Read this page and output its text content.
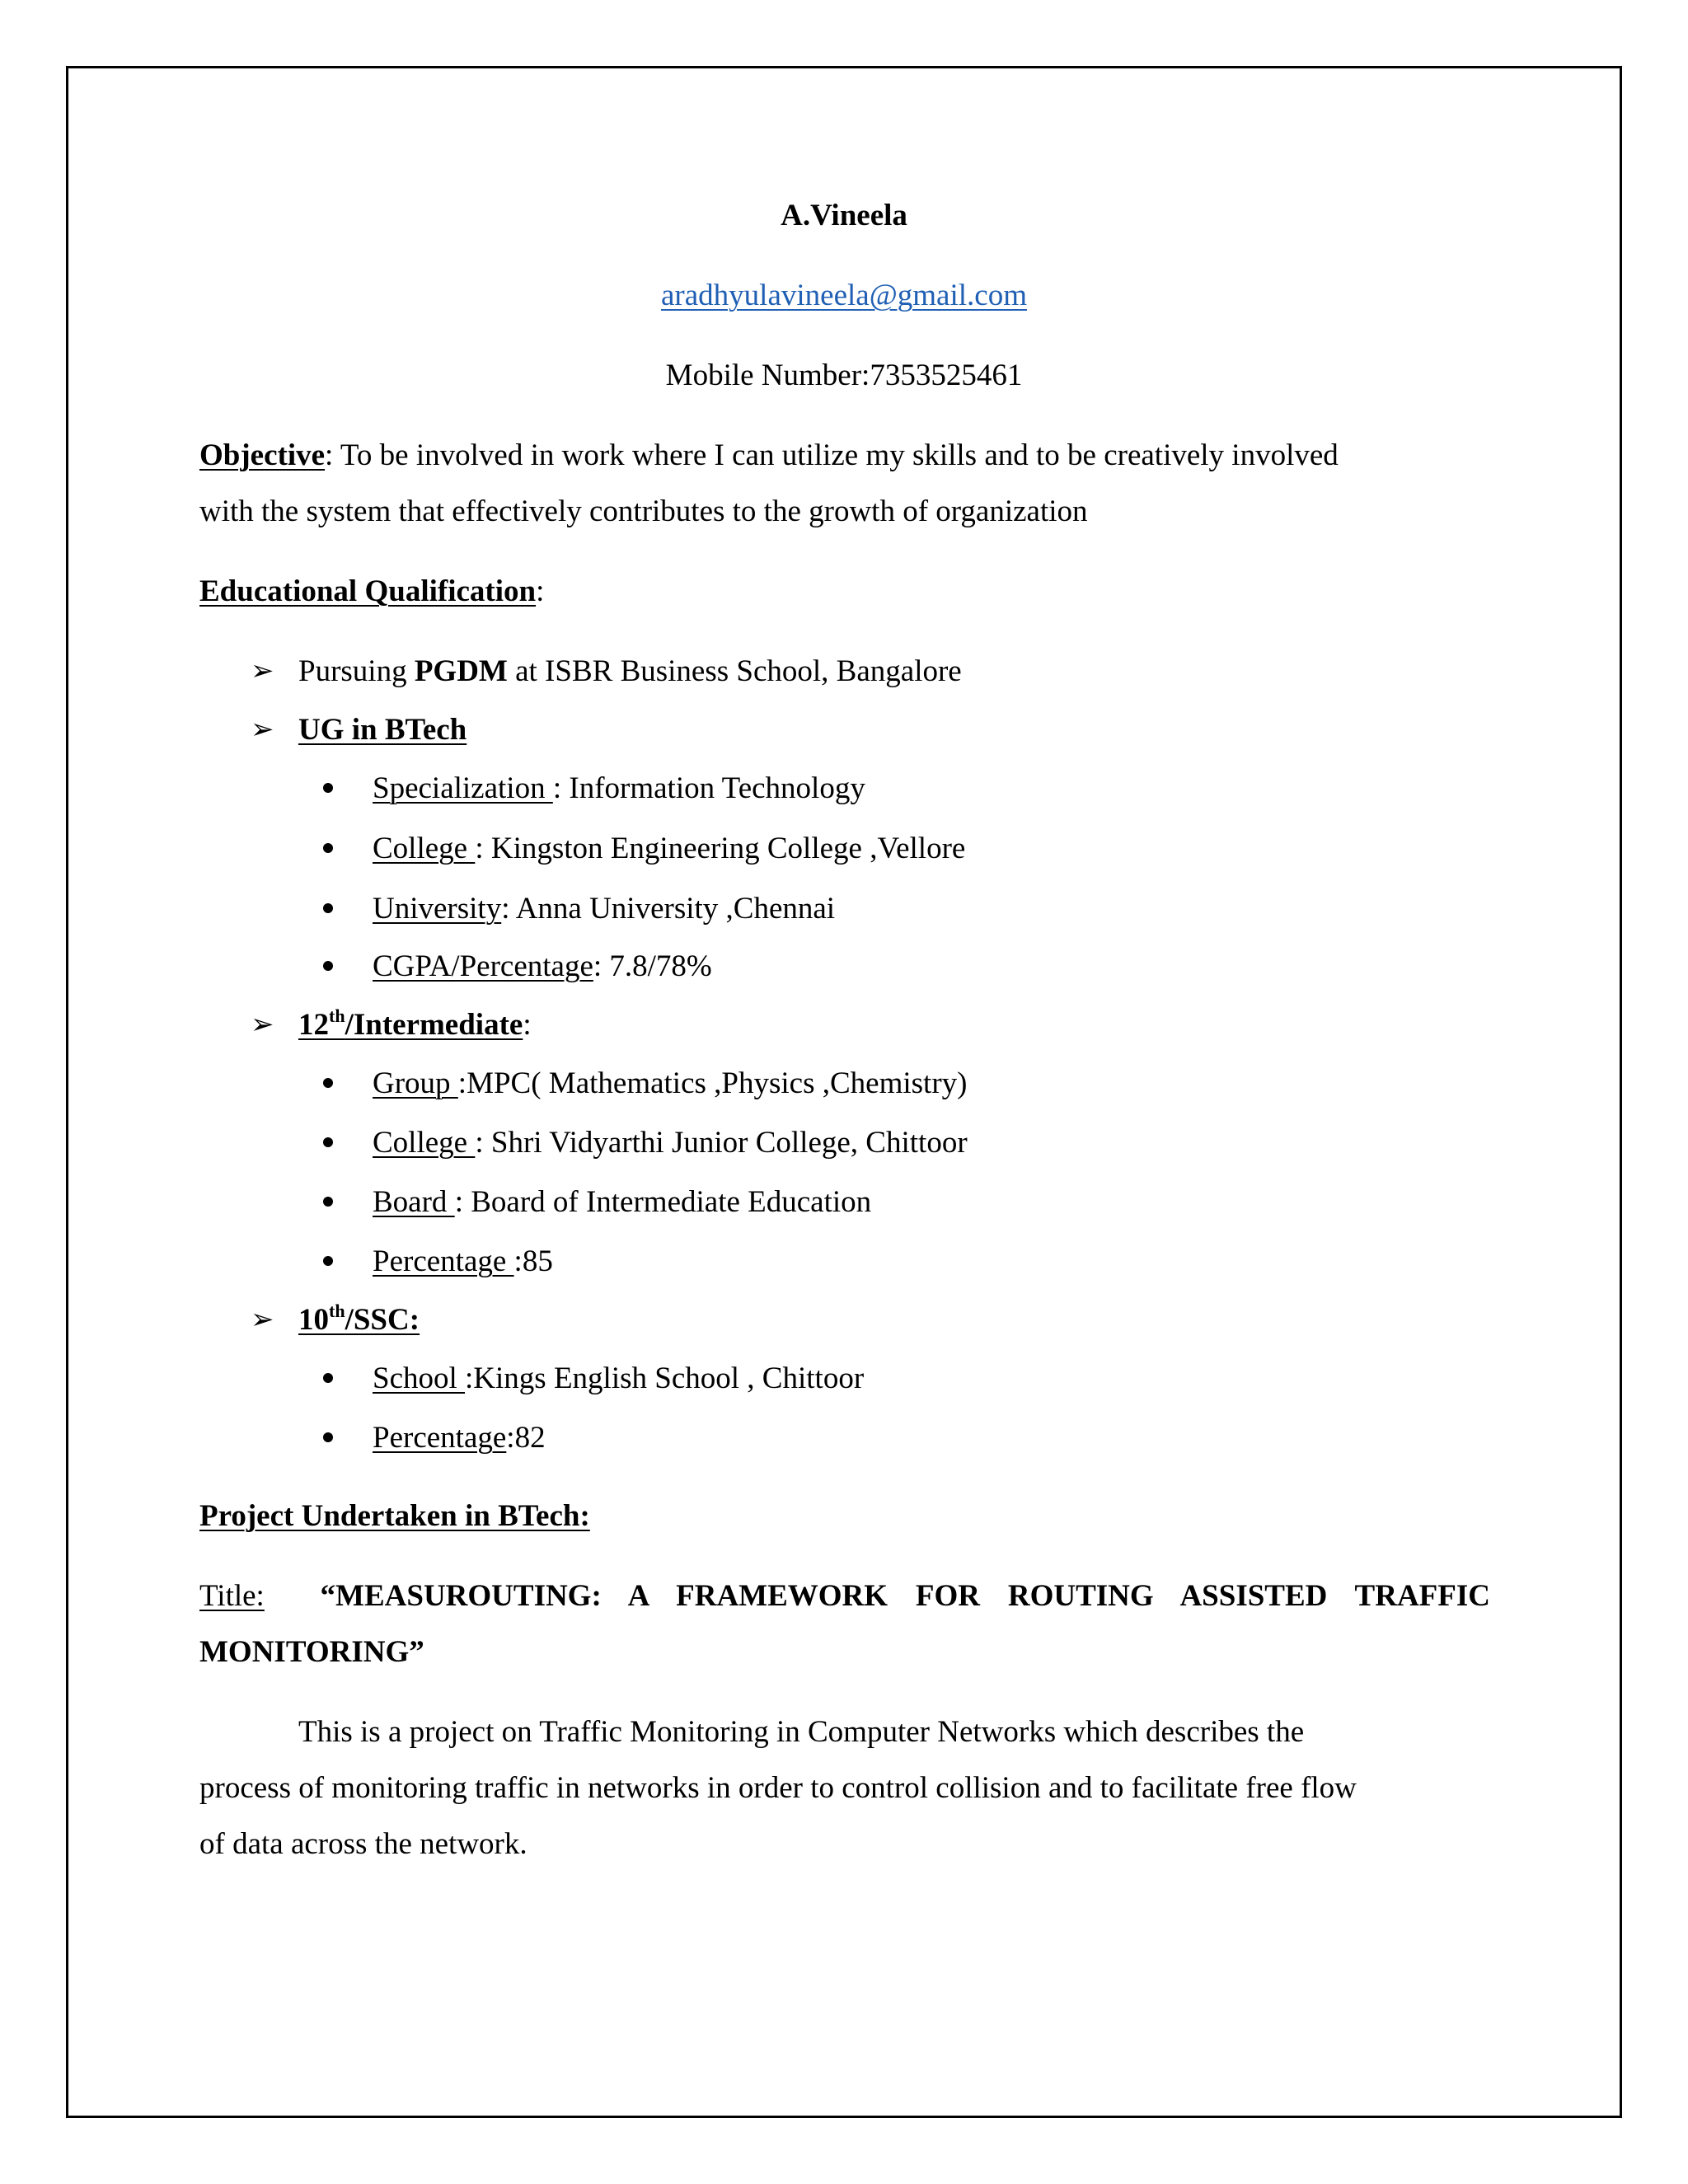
A.Vineela
aradhyulavineela@gmail.com
Mobile Number:7353525461
Objective: To be involved in work where I can utilize my skills and to be creatively involved
with the system that effectively contributes to the growth of organization
Educational Qualification:
➢ Pursuing PGDM at ISBR Business School, Bangalore
➢ UG in BTech
Specialization : Information Technology
College : Kingston Engineering College ,Vellore
University: Anna University ,Chennai
CGPA/Percentage: 7.8/78%
➢ 12th/Intermediate:
Group :MPC( Mathematics ,Physics ,Chemistry)
College : Shri Vidyarthi Junior College, Chittoor
Board : Board of Intermediate Education
Percentage :85
➢ 10th/SSC:
School :Kings English School , Chittoor
Percentage:82
Project Undertaken in BTech:
Title: “MEASUROUTING: A FRAMEWORK FOR ROUTING ASSISTED TRAFFIC
MONITORING”
This is a project on Traffic Monitoring in Computer Networks which describes the
process of monitoring traffic in networks in order to control collision and to facilitate free flow
of data across the network.
